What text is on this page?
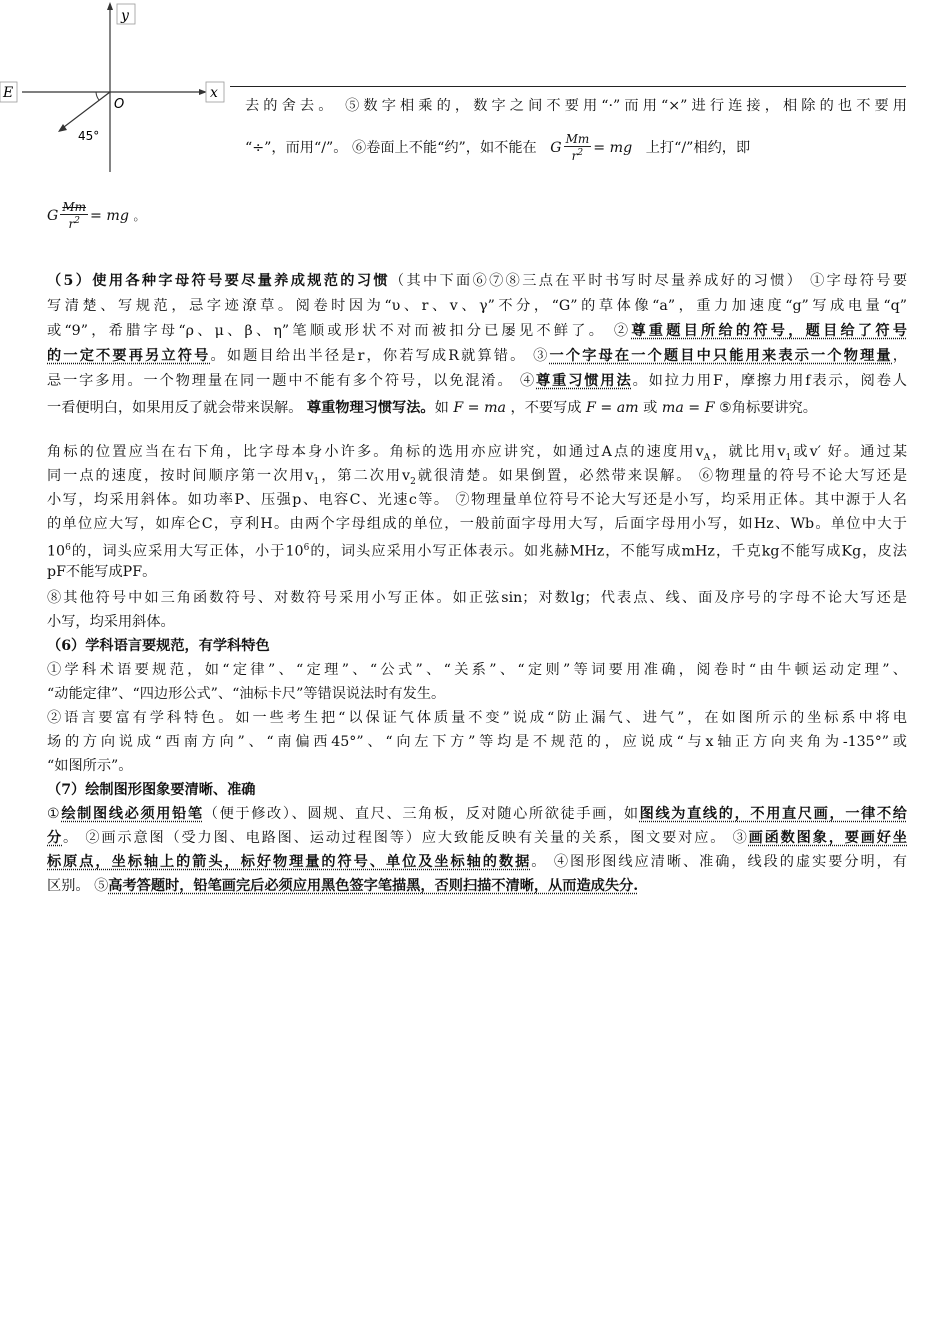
y
x
E
O
45°
去的舍去。 ⑤数字相乘的，数字之间不要用“·”而用“×”进行连接，相除的也不要用
“÷”，而用“/”。 ⑥卷面上不能“约”，如不能在 G $\frac{Mm}{r^2}$ = mg 上打“/”相约，即
G $\frac{Mm}{r^2}$ = mg 。
（5）使用各种字母符号要尽量养成规范的习惯（其中下面⑥⑦⑧三点在平时书写时尽量养成好的习惯） ①字母符号要
写清楚、写规范，忌字迹潦草。阅卷时因为“υ、r、v、γ”不分，“G”的草体像“a”，重力加速度“g”写成电量“q”
或“9”，希腊字母“ρ、μ、β、η”笔顺或形状不对而被扣分已屡见不鲜了。 ②尊重题目所给的符号，题目给了符号
的一定不要再另立符号。如题目给出半径是r，你若写成R就算错。 ③一个字母在一个题目中只能用来表示一个物理量，
忌一字多用。一个物理量在同一题中不能有多个符号，以免混淆。 ④尊重习惯用法。如拉力用F，摩擦力用f表示，阅卷人
一看便明白，如果用反了就会带来误解。 尊重物理习惯写法。如 F = ma ，不要写成 F = am 或 ma = F ⑤角标要讲究。
角标的位置应当在右下角，比字母本身小许多。角标的选用亦应讲究，如通过A点的速度用$v_A$，就比用$v_1$或v′ 好。通过某
同一点的速度，按时间顺序第一次用$v_1$，第二次用$v_2$就很清楚。如果倒置，必然带来误解。 ⑥物理量的符号不论大写还是
小写，均采用斜体。如功率P、压强p、电容C、光速c等。 ⑦物理量单位符号不论大写还是小写，均采用正体。其中源于人名
的单位应大写，如库仑C，亨利H。由两个字母组成的单位，一般前面字母用大写，后面字母用小写，如Hz、Wb。单位中大于
$10^6$的，词头应采用大写正体，小于$10^6$的，词头应采用小写正体表示。如兆赫MHz，不能写成mHz，千克kg不能写成Kg，皮法
pF不能写成PF。
⑧其他符号中如三角函数符号、对数符号采用小写正体。如正弦sin；对数lg；代表点、线、面及序号的字母不论大写还是
小写，均采用斜体。
（6）学科语言要规范，有学科特色
①学科术语要规范，如“定律”、“定理”、“公式”、“关系”、“定则”等词要用准确，阅卷时“由牛顿运动定理”、
“动能定律”、“四边形公式”、“油标卡尺”等错误说法时有发生。
②语言要富有学科特色。如一些考生把“以保证气体质量不变”说成“防止漏气、进气”，在如图所示的坐标系中将电
场的方向说成“西南方向”、“南偏西45°”、“向左下方”等均是不规范的，应说成“与x轴正方向夹角为-135°”或
“如图所示”。
（7）绘制图形图象要清晰、准确
①绘制图线必须用铅笔（便于修改）、圆规、直尺、三角板，反对随心所欲徒手画，如图线为直线的，不用直尺画，一律不给
分。 ②画示意图（受力图、电路图、运动过程图等）应大致能反映有关量的关系，图文要对应。 ③画函数图象，要画好坐
标原点，坐标轴上的箭头，标好物理量的符号、单位及坐标轴的数据。 ④图形图线应清晰、准确，线段的虚实要分明，有
区别。 ⑤高考答题时，铅笔画完后必须应用黑色签字笔描黑，否则扫描不清晰，从而造成失分.
